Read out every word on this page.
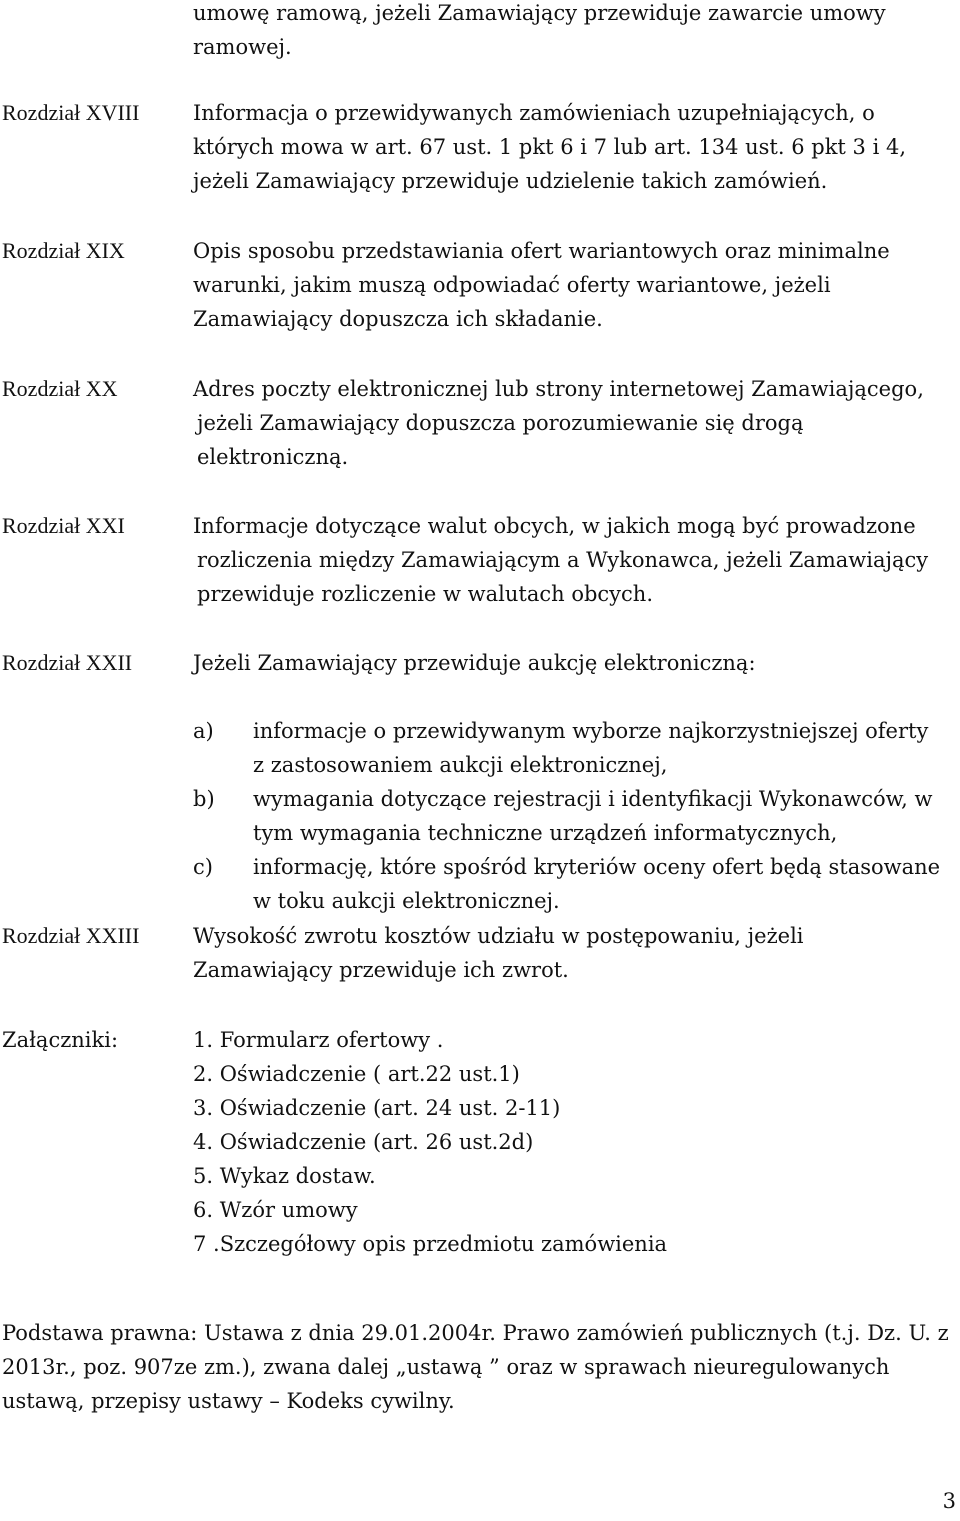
umowę ramową, jeżeli Zamawiający przewiduje zawarcie umowy
ramowej.
Rozdział XVIII	Informacja o przewidywanych zamówieniach uzupełniających, o
których mowa w art. 67 ust. 1 pkt 6 i 7 lub art. 134 ust. 6 pkt 3 i 4,
jeżeli Zamawiający przewiduje udzielenie takich zamówień.
Rozdział XIX	Opis sposobu przedstawiania ofert wariantowych oraz minimalne
warunki, jakim muszą odpowiadać oferty wariantowe, jeżeli
Zamawiający dopuszcza ich składanie.
Rozdział XX	Adres poczty elektronicznej lub strony internetowej Zamawiającego,
jeżeli Zamawiający dopuszcza porozumiewanie się drogą
elektroniczną.
Rozdział XXI	Informacje dotyczące walut obcych, w jakich mogą być prowadzone
rozliczenia między Zamawiającym a Wykonawca, jeżeli Zamawiający
przewiduje rozliczenie w walutach obcych.
Rozdział XXII	Jeżeli Zamawiający przewiduje aukcję elektroniczną:
a) informacje o przewidywanym wyborze najkorzystniejszej oferty
z zastosowaniem aukcji elektronicznej,
b) wymagania dotyczące rejestracji i identyfikacji Wykonawców, w
tym wymagania techniczne urządzeń informatycznych,
c) informację, które spośród kryteriów oceny ofert będą stasowane
w toku aukcji elektronicznej.
Rozdział XXIII	Wysokość zwrotu kosztów udziału w postępowaniu, jeżeli
Zamawiający przewiduje ich zwrot.
Załączniki:	1. Formularz ofertowy .
2. Oświadczenie ( art.22 ust.1)
3. Oświadczenie (art. 24 ust. 2-11)
4. Oświadczenie (art. 26 ust.2d)
5. Wykaz dostaw.
6. Wzór umowy
7 .Szczegółowy opis przedmiotu zamówienia
Podstawa prawna: Ustawa z dnia 29.01.2004r. Prawo zamówień publicznych (t.j. Dz. U. z
2013r., poz. 907ze zm.), zwana dalej „ustawą ” oraz w sprawach nieuregulowanych
ustawą, przepisy ustawy – Kodeks cywilny.
3
